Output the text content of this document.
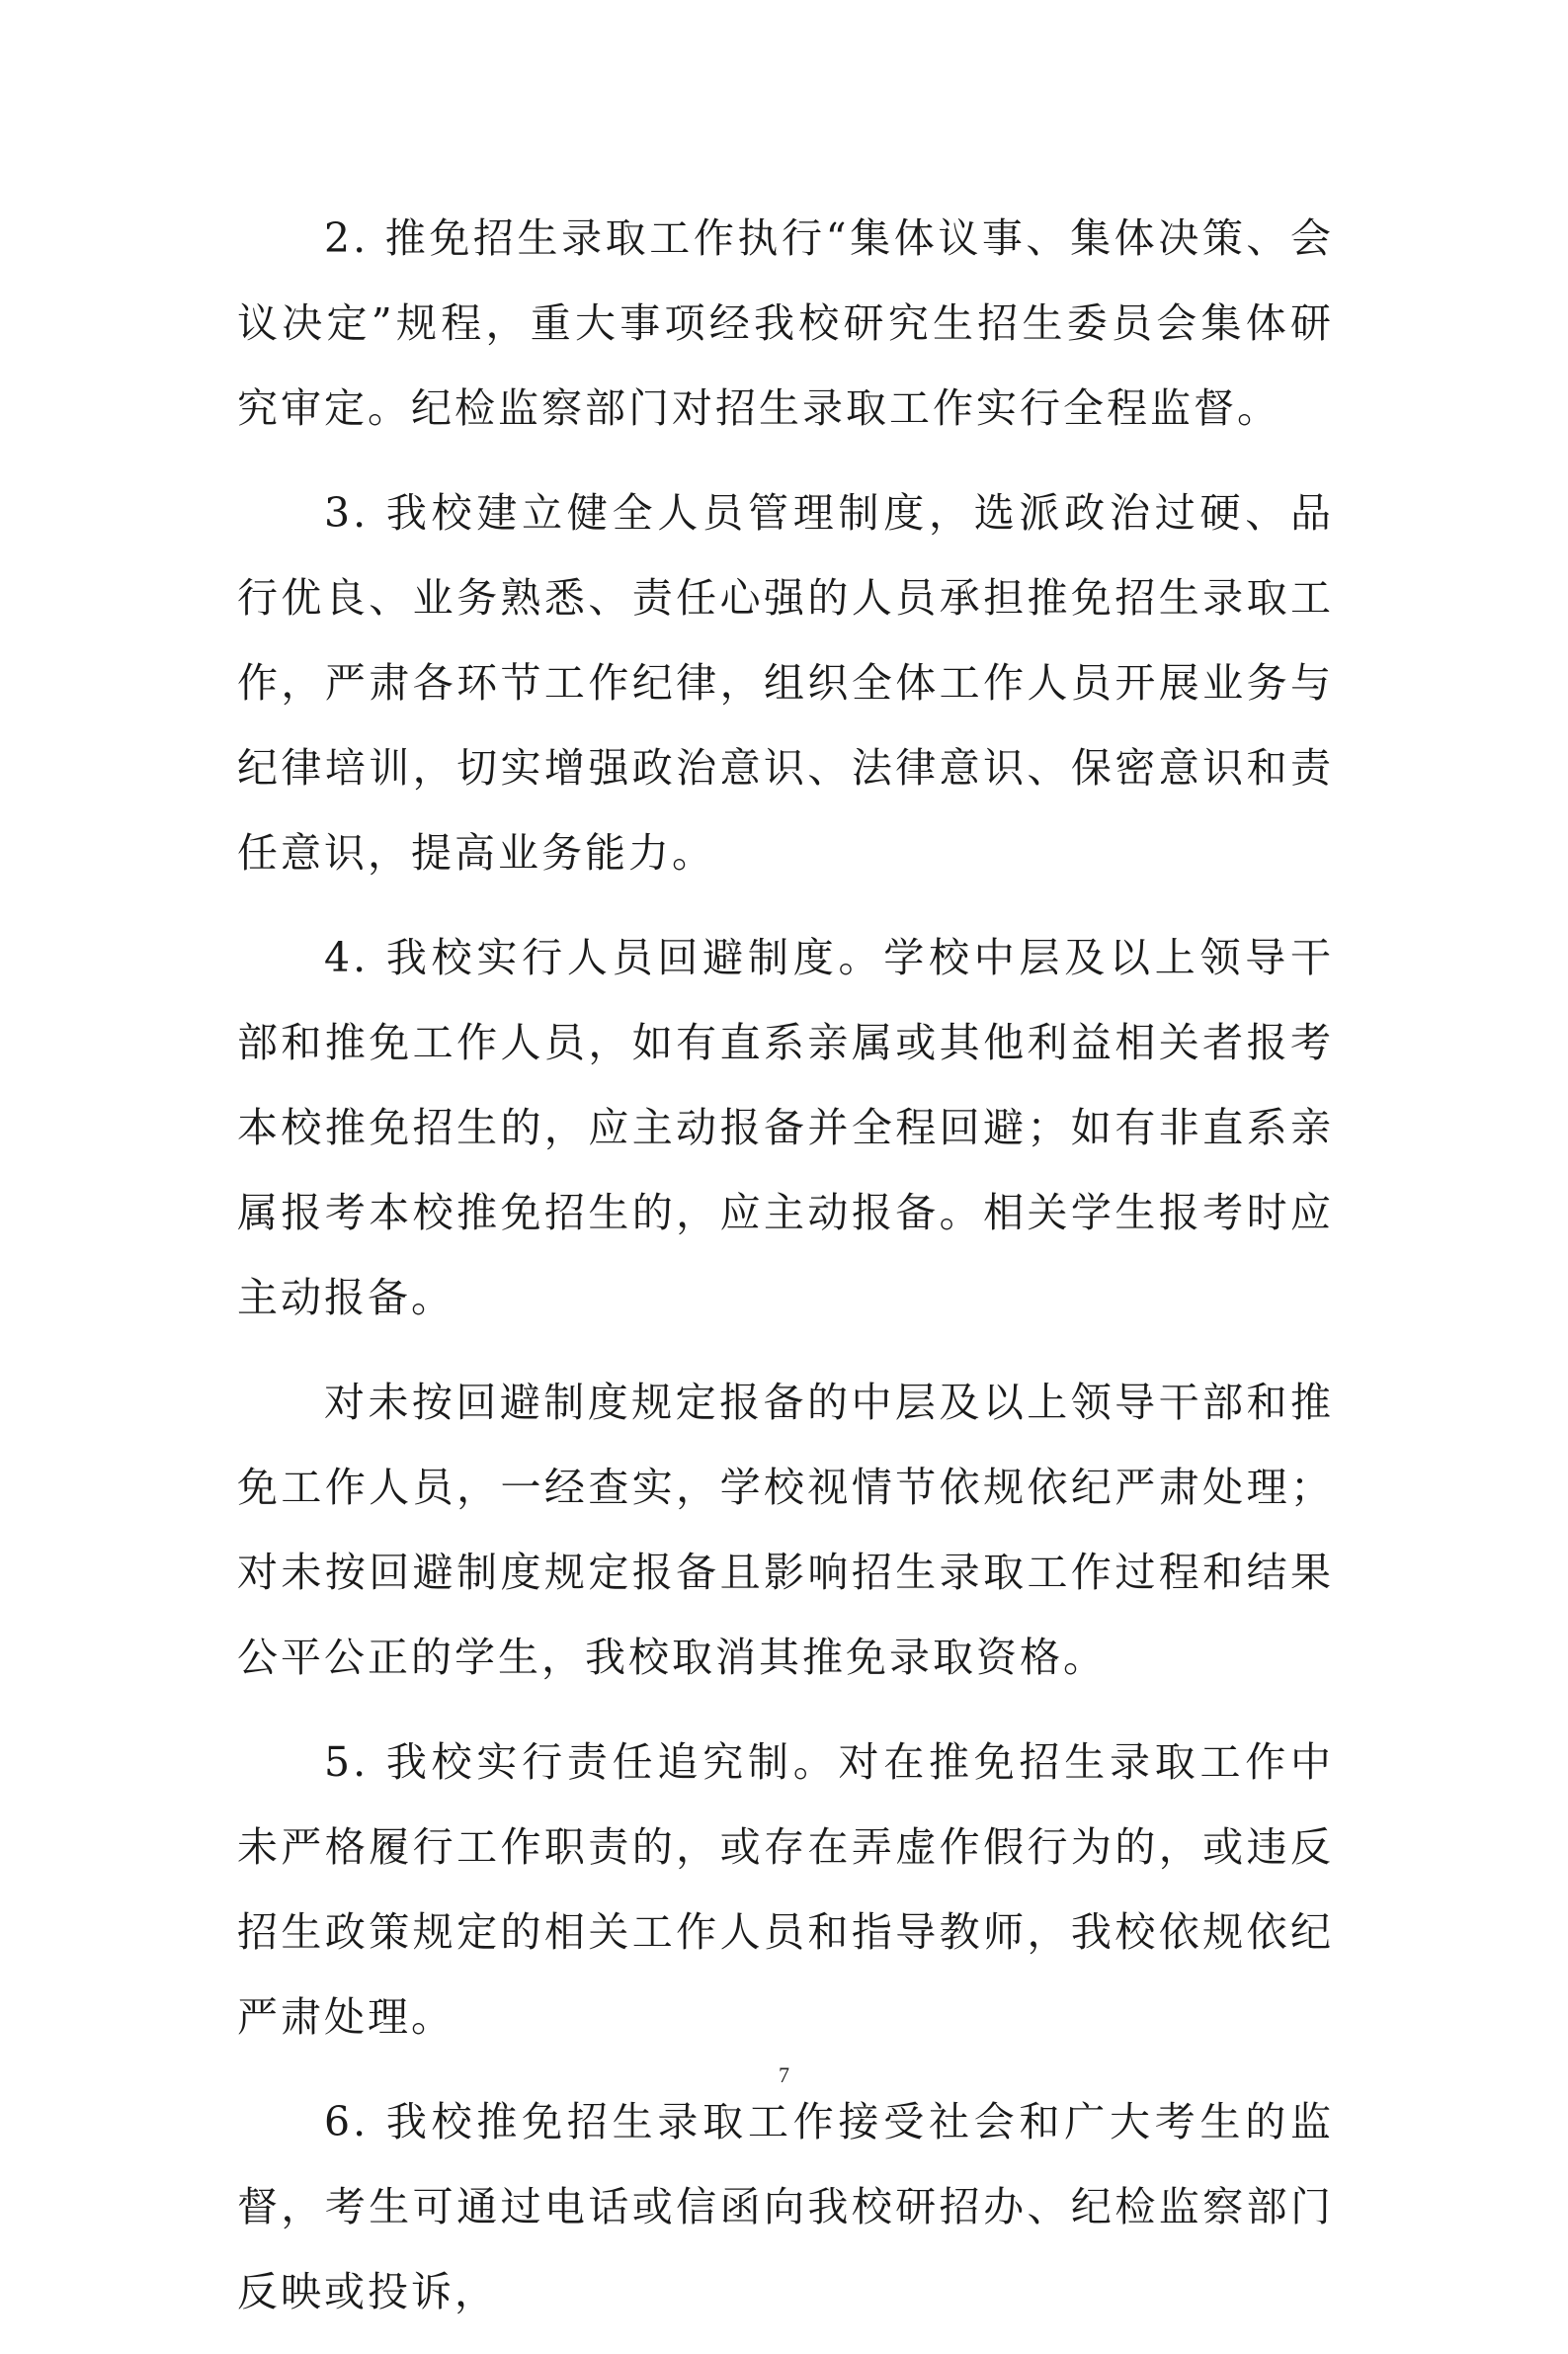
2. 推免招生录取工作执行“集体议事、集体决策、会议决定”规程，重大事项经我校研究生招生委员会集体研究审定。纪检监察部门对招生录取工作实行全程监督。

3. 我校建立健全人员管理制度，选派政治过硬、品行优良、业务熟悉、责任心强的人员承担推免招生录取工作，严肃各环节工作纪律，组织全体工作人员开展业务与纪律培训，切实增强政治意识、法律意识、保密意识和责任意识，提高业务能力。

4. 我校实行人员回避制度。学校中层及以上领导干部和推免工作人员，如有直系亲属或其他利益相关者报考本校推免招生的，应主动报备并全程回避；如有非直系亲属报考本校推免招生的，应主动报备。相关学生报考时应主动报备。

对未按回避制度规定报备的中层及以上领导干部和推免工作人员，一经查实，学校视情节依规依纪严肃处理；对未按回避制度规定报备且影响招生录取工作过程和结果公平公正的学生，我校取消其推免录取资格。

5. 我校实行责任追究制。对在推免招生录取工作中未严格履行工作职责的，或存在弄虚作假行为的，或违反招生政策规定的相关工作人员和指导教师，我校依规依纪严肃处理。

6. 我校推免招生录取工作接受社会和广大考生的监督，考生可通过电话或信函向我校研招办、纪检监察部门反映或投诉，

7
